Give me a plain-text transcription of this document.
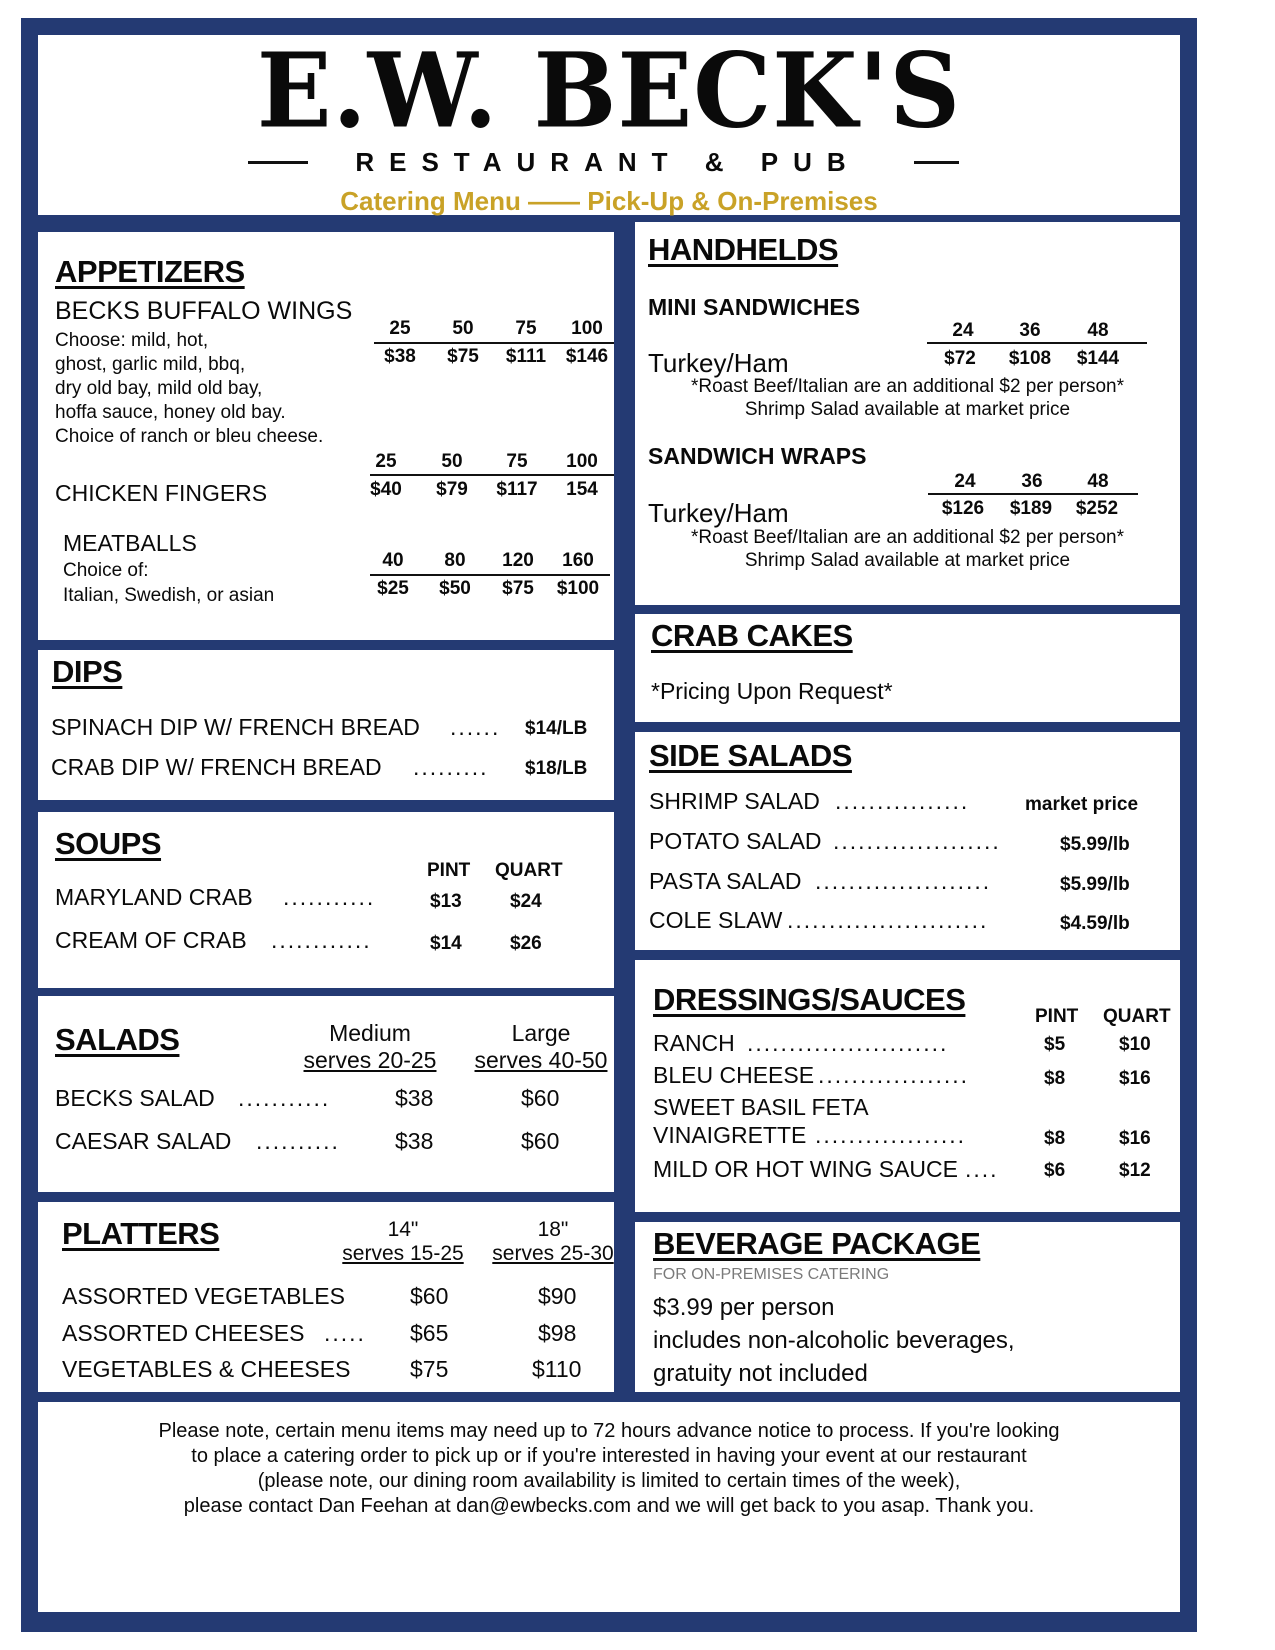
E.W. BECK'S
RESTAURANT & PUB
Catering Menu —— Pick-Up & On-Premises
APPETIZERS
BECKS BUFFALO WINGS
Choose: mild, hot,
ghost, garlic mild, bbq,
dry old bay, mild old bay,
hoffa sauce, honey old bay.
Choice of ranch or bleu cheese.
25	50	75	100
$38	$75	$111	$146
25	50	75	100
CHICKEN FINGERS	$40	$79	$117	154
MEATBALLS
Choice of:
Italian, Swedish, or asian
40	80	120	160
$25	$50	$75	$100
DIPS
SPINACH DIP W/ FRENCH BREAD ...... $14/LB
CRAB DIP W/ FRENCH BREAD ......... $18/LB
SOUPS
PINT QUART
MARYLAND CRAB ...........	$13	$24
CREAM OF CRAB ............	$14	$26
SALADS	Medium
serves 20-25
Large
serves 40-50
BECKS SALAD ...........	$38	$60
CAESAR SALAD .......... $38	$60
PLATTERS	14"
serves 15-25
18"
serves 25-30
ASSORTED VEGETABLES	$60	$90
ASSORTED CHEESES ..... $65	$98
VEGETABLES & CHEESES	$75	$110
HANDHELDS
MINI SANDWICHES
24	36	48
Turkey/Ham	$72	$108	$144
*Roast Beef/Italian are an additional $2 per person*
Shrimp Salad available at market price
SANDWICH WRAPS
24	36	48
Turkey/Ham	$126	$189	$252
*Roast Beef/Italian are an additional $2 per person*
Shrimp Salad available at market price
CRAB CAKES
*Pricing Upon Request*
SIDE SALADS
SHRIMP SALAD ................	market price
POTATO SALAD ....................	$5.99/lb
PASTA SALAD .....................	$5.99/lb
COLE SLAW ........................	$4.59/lb
DRESSINGS/SAUCES	PINT QUART
RANCH ........................	$5	$10
BLEU CHEESE ..................	$8	$16
SWEET BASIL FETA
VINAIGRETTE ..................	$8	$16
MILD OR HOT WING SAUCE .... $6	$12
BEVERAGE PACKAGE
FOR ON-PREMISES CATERING
$3.99 per person
includes non-alcoholic beverages,
gratuity not included
Please note, certain menu items may need up to 72 hours advance notice to process. If you're looking
to place a catering order to pick up or if you're interested in having your event at our restaurant
(please note, our dining room availability is limited to certain times of the week),
please contact Dan Feehan at dan@ewbecks.com and we will get back to you asap. Thank you.
